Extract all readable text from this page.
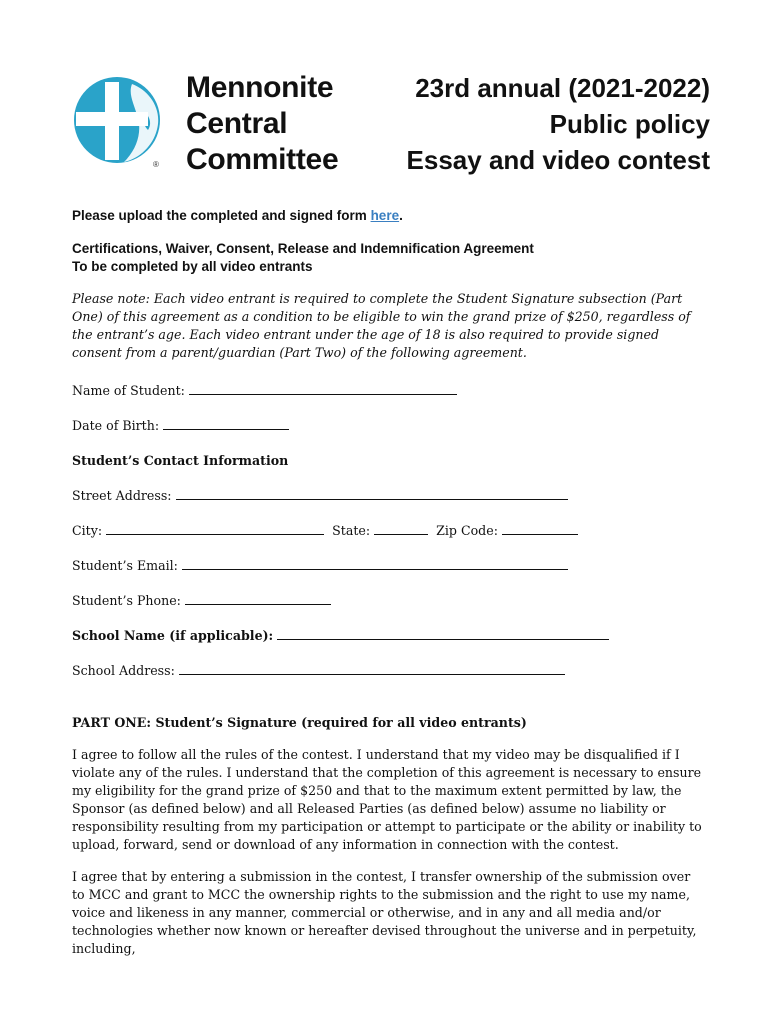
Mennonite
Central
Committee
®
23rd annual (2021-2022)
Public policy
Essay and video contest

Please upload the completed and signed form here.

Certifications, Waiver, Consent, Release and Indemnification Agreement
To be completed by all video entrants

Please note: Each video entrant is required to complete the Student Signature subsection (Part One) of this agreement as a condition to be eligible to win the grand prize of $250, regardless of the entrant’s age. Each video entrant under the age of 18 is also required to provide signed consent from a parent/guardian (Part Two) of the following agreement.

Name of Student:
Date of Birth:
Student’s Contact Information
Street Address:
City:	State:	Zip Code:
Student’s Email:
Student’s Phone:
School Name (if applicable):
School Address:
PART ONE: Student’s Signature (required for all video entrants)

I agree to follow all the rules of the contest. I understand that my video may be disqualified if I violate any of the rules. I understand that the completion of this agreement is necessary to ensure my eligibility for the grand prize of $250 and that to the maximum extent permitted by law, the Sponsor (as defined below) and all Released Parties (as defined below) assume no liability or responsibility resulting from my participation or attempt to participate or the ability or inability to upload, forward, send or download of any information in connection with the contest.

I agree that by entering a submission in the contest, I transfer ownership of the submission over to MCC and grant to MCC the ownership rights to the submission and the right to use my name, voice and likeness in any manner, commercial or otherwise, and in any and all media and/or technologies whether now known or hereafter devised throughout the universe and in perpetuity, including,
